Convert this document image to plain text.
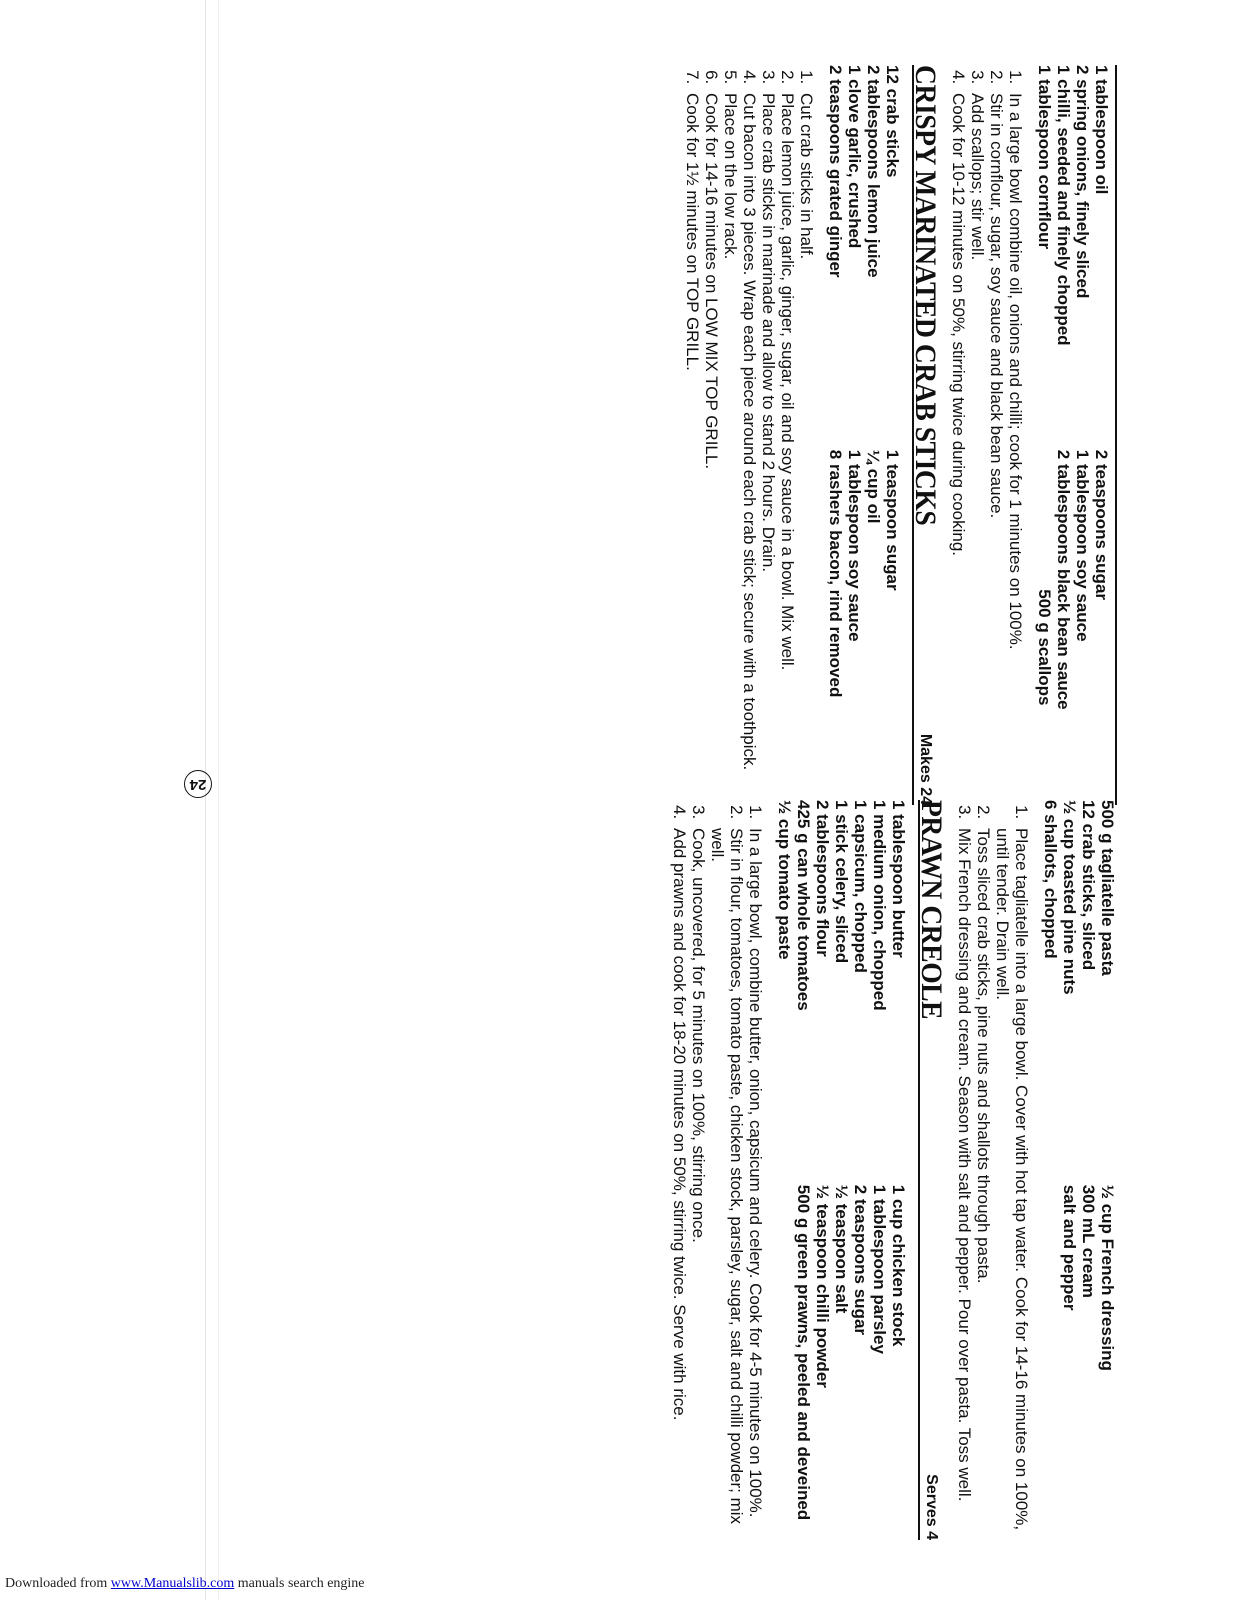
1 tablespoon oil
2 spring onions, finely sliced
1 chilli, seeded and finely chopped
1 tablespoon cornflour
2 teaspoons sugar
1 tablespoon soy sauce
2 tablespoons black bean sauce
500 g scallops
1. In a large bowl combine oil, onions and chilli; cook for 1 minutes on 100%.
2. Stir in cornflour, sugar, soy sauce and black bean sauce.
3. Add scallops; stir well.
4. Cook for 10-12 minutes on 50%, stirring twice during cooking.
CRISPY MARINATED CRAB STICKS
Makes 24
12 crab sticks
2 tablespoons lemon juice
1 clove garlic, crushed
2 teaspoons grated ginger
1 teaspoon sugar
¼ cup oil
1 tablespoon soy sauce
8 rashers bacon, rind removed
1. Cut crab sticks in half.
2. Place lemon juice, garlic, ginger, sugar, oil and soy sauce in a bowl. Mix well.
3. Place crab sticks in marinade and allow to stand 2 hours. Drain.
4. Cut bacon into 3 pieces. Wrap each piece around each crab stick; secure with a toothpick.
5. Place on the low rack.
6. Cook for 14-16 minutes on LOW MIX TOP GRILL.
7. Cook for 1½ minutes on TOP GRILL.
500 g tagliatelle pasta
12 crab sticks, sliced
½ cup toasted pine nuts
6 shallots, chopped
½ cup French dressing
300 mL cream
salt and pepper
1. Place tagliatelle into a large bowl. Cover with hot tap water. Cook for 14-16 minutes on 100%, until tender. Drain well.
2. Toss sliced crab sticks, pine nuts and shallots through pasta.
3. Mix French dressing and cream. Season with salt and pepper. Pour over pasta. Toss well.
PRAWN CREOLE
Serves 4
1 tablespoon butter
1 medium onion, chopped
1 capsicum, chopped
1 stick celery, sliced
2 tablespoons flour
425 g can whole tomatoes
½ cup tomato paste
1 cup chicken stock
1 tablespoon parsley
2 teaspoons sugar
½ teaspoon salt
½ teaspoon chilli powder
500 g green prawns, peeled and deveined
1. In a large bowl, combine butter, onion, capsicum and celery. Cook for 4-5 minutes on 100%.
2. Stir in flour, tomatoes, tomato paste, chicken stock, parsley, sugar, salt and chilli powder; mix well.
3. Cook, uncovered, for 5 minutes on 100%, stirring once.
4. Add prawns and cook for 18-20 minutes on 50%, stirring twice. Serve with rice.
24
Downloaded from www.Manualslib.com manuals search engine
